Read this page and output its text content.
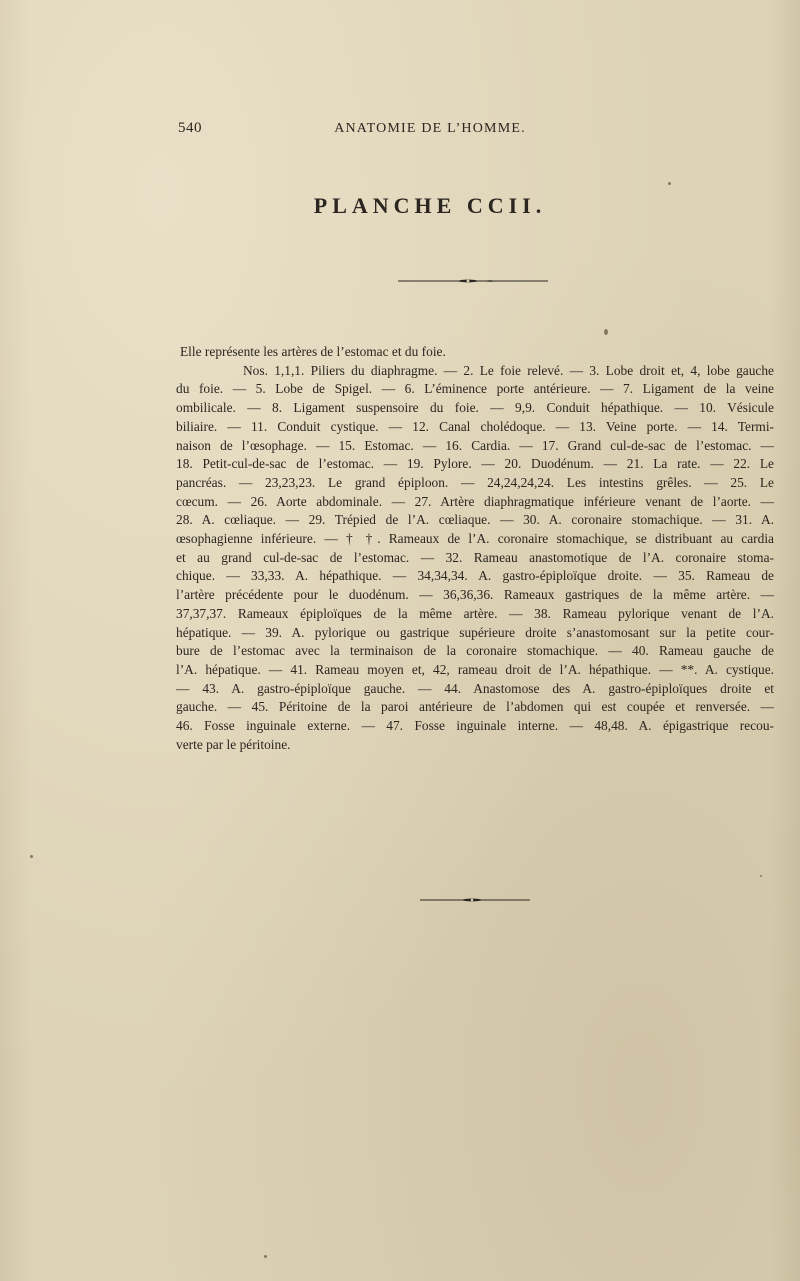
540	ANATOMIE DE L’HOMME.
PLANCHE CCII.

Elle représente les artères de l’estomac et du foie.

Nos. 1,1,1. Piliers du diaphragme. — 2. Le foie relevé. — 3. Lobe droit et, 4, lobe gauche
du foie. — 5. Lobe de Spigel. — 6. L’éminence porte antérieure. — 7. Ligament de la veine
ombilicale. — 8. Ligament suspensoire du foie. — 9,9. Conduit hépathique. — 10. Vésicule
biliaire. — 11. Conduit cystique. — 12. Canal cholédoque. — 13. Veine porte. — 14. Termi-
naison de l’œsophage. — 15. Estomac. — 16. Cardia. — 17. Grand cul-de-sac de l’estomac. —
18. Petit-cul-de-sac de l’estomac. — 19. Pylore. — 20. Duodénum. — 21. La rate. — 22. Le
pancréas. — 23,23,23. Le grand épiploon. — 24,24,24,24. Les intestins grêles. — 25. Le
cœcum. — 26. Aorte abdominale. — 27. Artère diaphragmatique inférieure venant de l’aorte. —
28. A. cœliaque. — 29. Trépied de l’A. cœliaque. — 30. A. coronaire stomachique. — 31. A.
œsophagienne inférieure. — † †. Rameaux de l’A. coronaire stomachique, se distribuant au cardia
et au grand cul-de-sac de l’estomac. — 32. Rameau anastomotique de l’A. coronaire stoma-
chique. — 33,33. A. hépathique. — 34,34,34. A. gastro-épiploïque droite. — 35. Rameau de
l’artère précédente pour le duodénum. — 36,36,36. Rameaux gastriques de la même artère. —
37,37,37. Rameaux épiploïques de la même artère. — 38. Rameau pylorique venant de l’A.
hépatique. — 39. A. pylorique ou gastrique supérieure droite s’anastomosant sur la petite cour-
bure de l’estomac avec la terminaison de la coronaire stomachique. — 40. Rameau gauche de
l’A. hépatique. — 41. Rameau moyen et, 42, rameau droit de l’A. hépathique. — **. A. cystique.
— 43. A. gastro-épiploïque gauche. — 44. Anastomose des A. gastro-épiploïques droite et
gauche. — 45. Péritoine de la paroi antérieure de l’abdomen qui est coupée et renversée. —
46. Fosse inguinale externe. — 47. Fosse inguinale interne. — 48,48. A. épigastrique recou-
verte par le péritoine.
